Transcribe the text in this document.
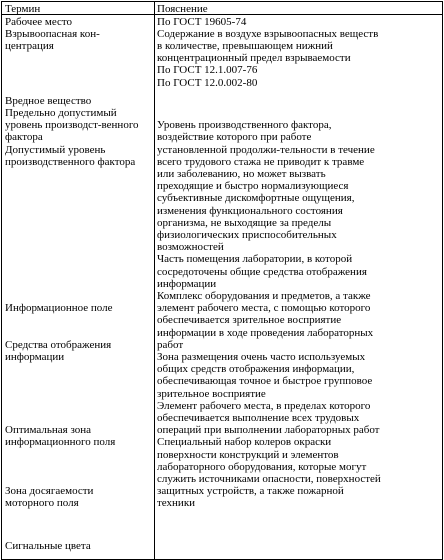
Термин	Пояснение
Рабочее место
Взрывоопасная кон-
центрация
Вредное вещество
Предельно допустимый
уровень производст-венного
фактора
Допустимый уровень
производственного фактора
Информационное поле
Средства отображения
информации
Оптимальная зона
информационного поля
Зона досягаемости
моторного поля
Сигнальные цвета
По ГОСТ 19605-74
Содержание в воздухе взрывоопасных веществ
в количестве, превышающем нижний
концентрационный предел взрываемости
По ГОСТ 12.1.007-76
По ГОСТ 12.0.002-80
Уровень производственного фактора,
воздействие которого при работе
установленной продолжи-тельности в течение
всего трудового стажа не приводит к травме
или заболеванию, но может вызвать
преходящие и быстро нормализующиеся
субъективные дискомфортные ощущения,
изменения функционального состояния
организма, не выходящие за пределы
физиологических приспособительных
возможностей
Часть помещения лаборатории, в которой
сосредоточены общие средства отображения
информации
Комплекс оборудования и предметов, а также
элемент рабочего места, с помощью которого
обеспечивается зрительное восприятие
информации в ходе проведения лабораторных
работ
Зона размещения очень часто используемых
общих средств отображения информации,
обеспечивающая точное и быстрое групповое
зрительное восприятие
Элемент рабочего места, в пределах которого
обеспечивается выполнение всех трудовых
операций при выполнении лабораторных работ
Специальный набор колеров окраски
поверхности конструкций и элементов
лабораторного оборудования, которые могут
служить источниками опасности, поверхностей
защитных устройств, а также пожарной
техники
